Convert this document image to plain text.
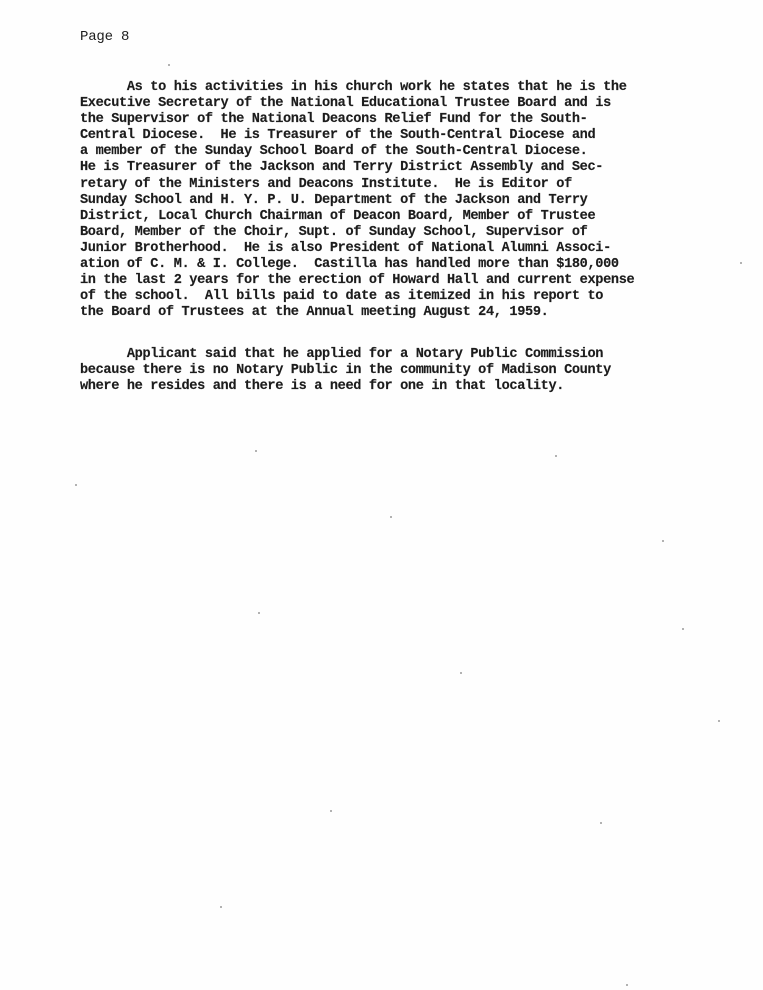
Page 8

As to his activities in his church work he states that he is the
Executive Secretary of the National Educational Trustee Board and is
the Supervisor of the National Deacons Relief Fund for the South-
Central Diocese.  He is Treasurer of the South-Central Diocese and
a member of the Sunday School Board of the South-Central Diocese.
He is Treasurer of the Jackson and Terry District Assembly and Sec-
retary of the Ministers and Deacons Institute.  He is Editor of
Sunday School and H. Y. P. U. Department of the Jackson and Terry
District, Local Church Chairman of Deacon Board, Member of Trustee
Board, Member of the Choir, Supt. of Sunday School, Supervisor of
Junior Brotherhood.  He is also President of National Alumni Associ-
ation of C. M. & I. College.  Castilla has handled more than $180,000
in the last 2 years for the erection of Howard Hall and current expense
of the school.  All bills paid to date as itemized in his report to
the Board of Trustees at the Annual meeting August 24, 1959.

Applicant said that he applied for a Notary Public Commission
because there is no Notary Public in the community of Madison County
where he resides and there is a need for one in that locality.
